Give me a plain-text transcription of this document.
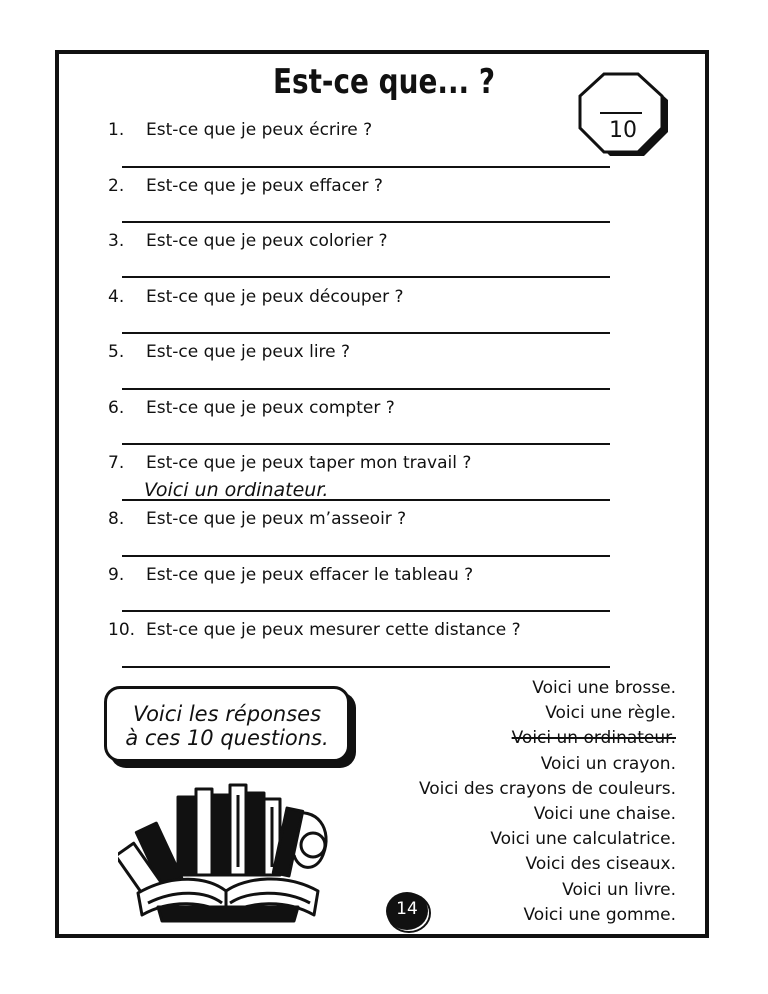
Est-ce que... ?
10
1. Est-ce que je peux écrire ?
2. Est-ce que je peux effacer ?
3. Est-ce que je peux colorier ?
4. Est-ce que je peux découper ?
5. Est-ce que je peux lire ?
6. Est-ce que je peux compter ?
7. Est-ce que je peux taper mon travail ?
Voici un ordinateur.
8. Est-ce que je peux m’asseoir ?
9. Est-ce que je peux effacer le tableau ?
10. Est-ce que je peux mesurer cette distance ?
Voici les réponses
à ces 10 questions.
Voici une brosse.
Voici une règle.
Voici un ordinateur.
Voici un crayon.
Voici des crayons de couleurs.
Voici une chaise.
Voici une calculatrice.
Voici des ciseaux.
Voici un livre.
Voici une gomme.
14
